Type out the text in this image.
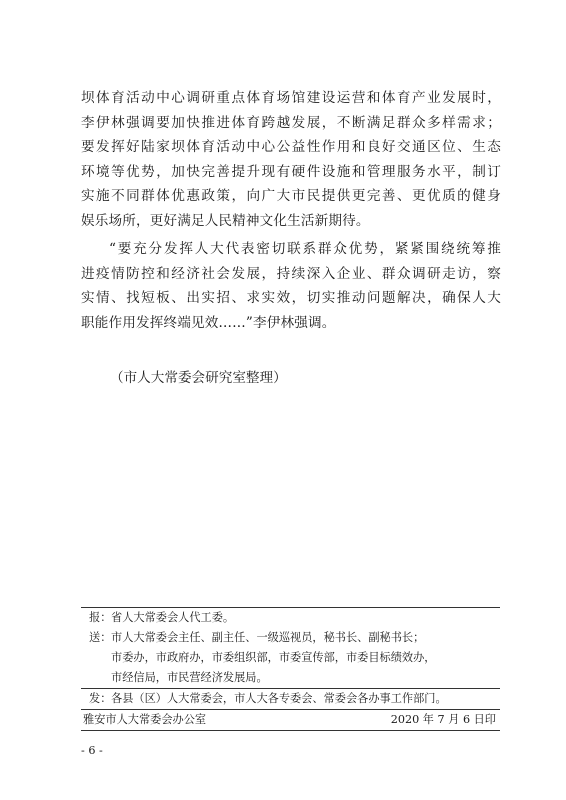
坝体育活动中心调研重点体育场馆建设运营和体育产业发展时，
李伊林强调要加快推进体育跨越发展，不断满足群众多样需求；
要发挥好陆家坝体育活动中心公益性作用和良好交通区位、生态
环境等优势，加快完善提升现有硬件设施和管理服务水平，制订
实施不同群体优惠政策，向广大市民提供更完善、更优质的健身
娱乐场所，更好满足人民精神文化生活新期待。
“要充分发挥人大代表密切联系群众优势，紧紧围绕统筹推
进疫情防控和经济社会发展，持续深入企业、群众调研走访，察
实情、找短板、出实招、求实效，切实推动问题解决，确保人大
职能作用发挥终端见效……”李伊林强调。
（市人大常委会研究室整理）
报：省人大常委会人代工委。
送：市人大常委会主任、副主任、一级巡视员，秘书长、副秘书长；
市委办，市政府办，市委组织部，市委宣传部，市委目标绩效办，
市经信局，市民营经济发展局。
发：各县（区）人大常委会，市人大各专委会、常委会各办事工作部门。
雅安市人大常委会办公室	2020 年 7 月 6 日印
- 6 -
